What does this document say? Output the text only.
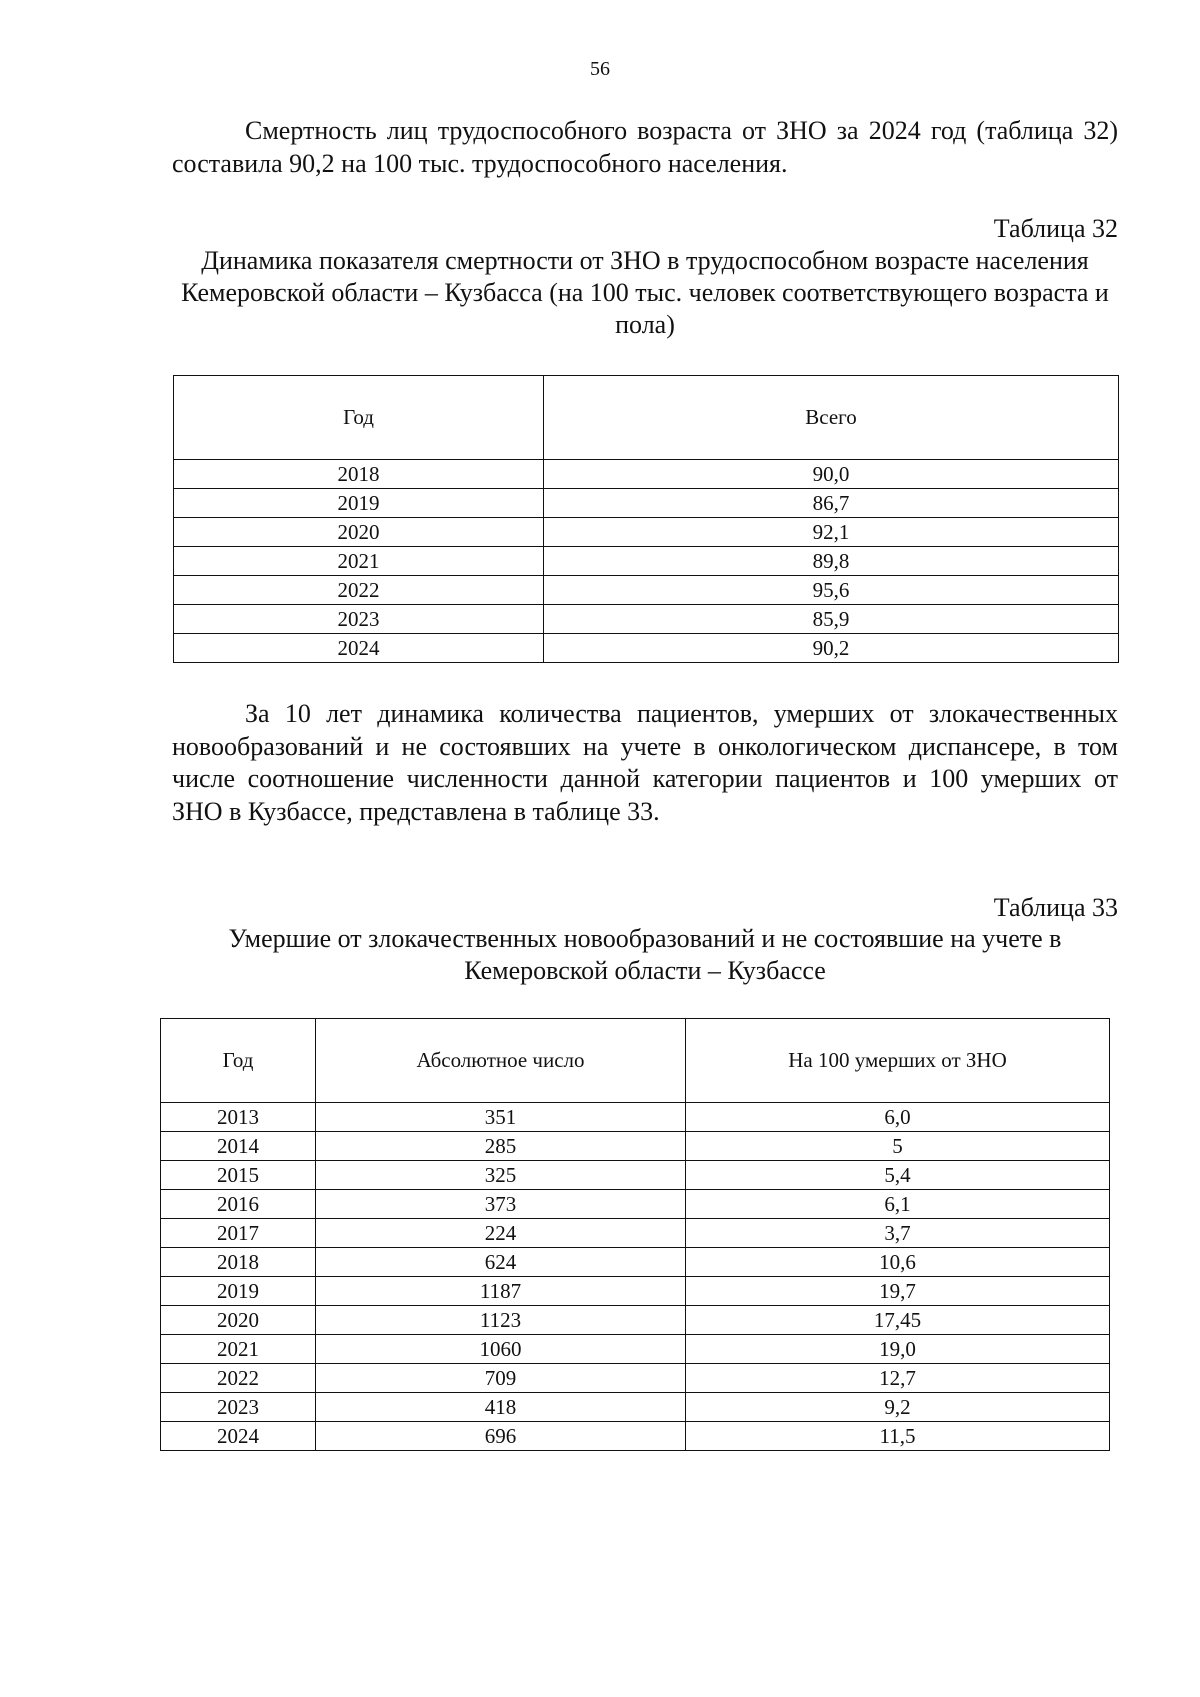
56

Смертность лиц трудоспособного возраста от ЗНО за 2024 год (таблица 32) составила 90,2 на 100 тыс. трудоспособного населения.

Таблица 32

Динамика показателя смертности от ЗНО в трудоспособном возрасте населения Кемеровской области – Кузбасса (на 100 тыс. человек соответствующего возраста и пола)

Год	Всего
2018	90,0
2019	86,7
2020	92,1
2021	89,8
2022	95,6
2023	85,9
2024	90,2

За 10 лет динамика количества пациентов, умерших от злокачественных новообразований и не состоявших на учете в онкологическом диспансере, в том числе соотношение численности данной категории пациентов и 100 умерших от ЗНО в Кузбассе, представлена в таблице 33.

Таблица 33

Умершие от злокачественных новообразований и не состоявшие на учете в Кемеровской области – Кузбассе

Год	Абсолютное число	На 100 умерших от ЗНО
2013	351	6,0
2014	285	5
2015	325	5,4
2016	373	6,1
2017	224	3,7
2018	624	10,6
2019	1187	19,7
2020	1123	17,45
2021	1060	19,0
2022	709	12,7
2023	418	9,2
2024	696	11,5
